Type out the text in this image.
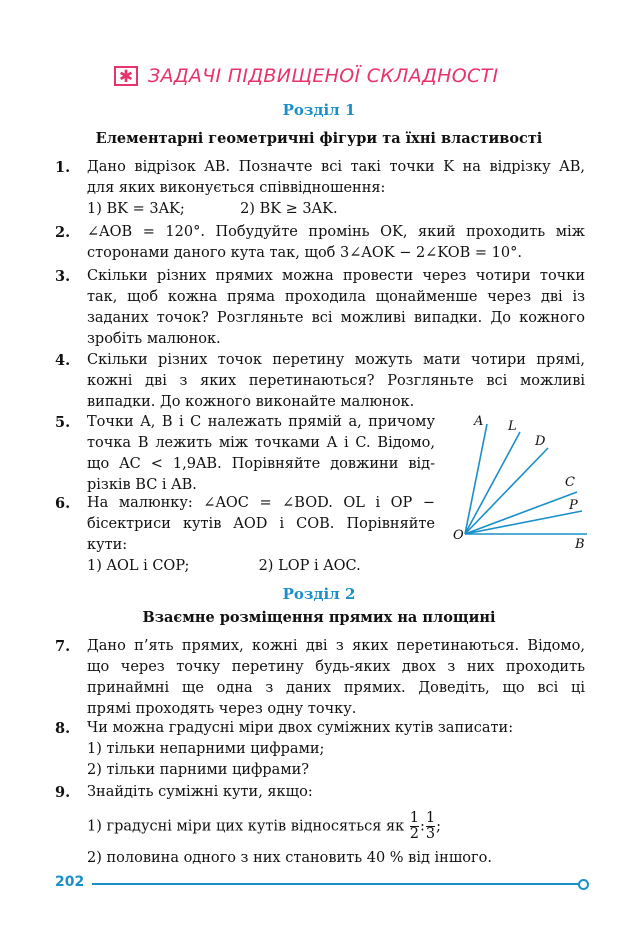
✱ ЗАДАЧІ ПІДВИЩЕНОЇ СКЛАДНОСТІ
Розділ 1
Елементарні геометричні фігури та їхні властивості
1. Дано відрізок AB. Позначте всі такі точки K на відрізку AB,
для яких виконується співвідношення:
1) BK = 3AK;            2) BK ≥ 3AK.
2. ∠AOB = 120°. Побудуйте промінь OK, який проходить між
сторонами даного кута так, щоб 3∠AOK − 2∠KOB = 10°.
3. Скільки різних прямих можна провести через чотири точки
так, щоб кожна пряма проходила щонайменше через дві із
заданих точок? Розгляньте всі можливі випадки. До кожного
зробіть малюнок.
4. Скільки різних точок перетину можуть мати чотири прямі,
кожні дві з яких перетинаються? Розгляньте всі можливі
випадки. До кожного виконайте малюнок.
5. Точки A, B і C належать прямій a, причому
точка B лежить між точками A і C. Відомо,
що AC < 1,9AB. Порівняйте довжини від-
різків BC і AB.
6. На малюнку: ∠AOC = ∠BOD. OL і OP −
бісектриси кутів AOD і COB. Порівняйте
кути:
1) AOL і COP;               2) LOP і AOC.
A L
D
C
P
O
B
Розділ 2
Взаємне розміщення прямих на площині
7. Дано п’ять прямих, кожні дві з яких перетинаються. Відомо,
що через точку перетину будь-яких двох з них проходить
принаймні ще одна з даних прямих. Доведіть, що всі ці
прямі проходять через одну точку.
8. Чи можна градусні міри двох суміжних кутів записати:
1) тільки непарними цифрами;
2) тільки парними цифрами?
9. Знайдіть суміжні кути, якщо:
1) градусні міри цих кутів відносяться як $\frac{1}{2}$ : $\frac{1}{3}$ ;
2) половина одного з них становить 40 % від іншого.
202
